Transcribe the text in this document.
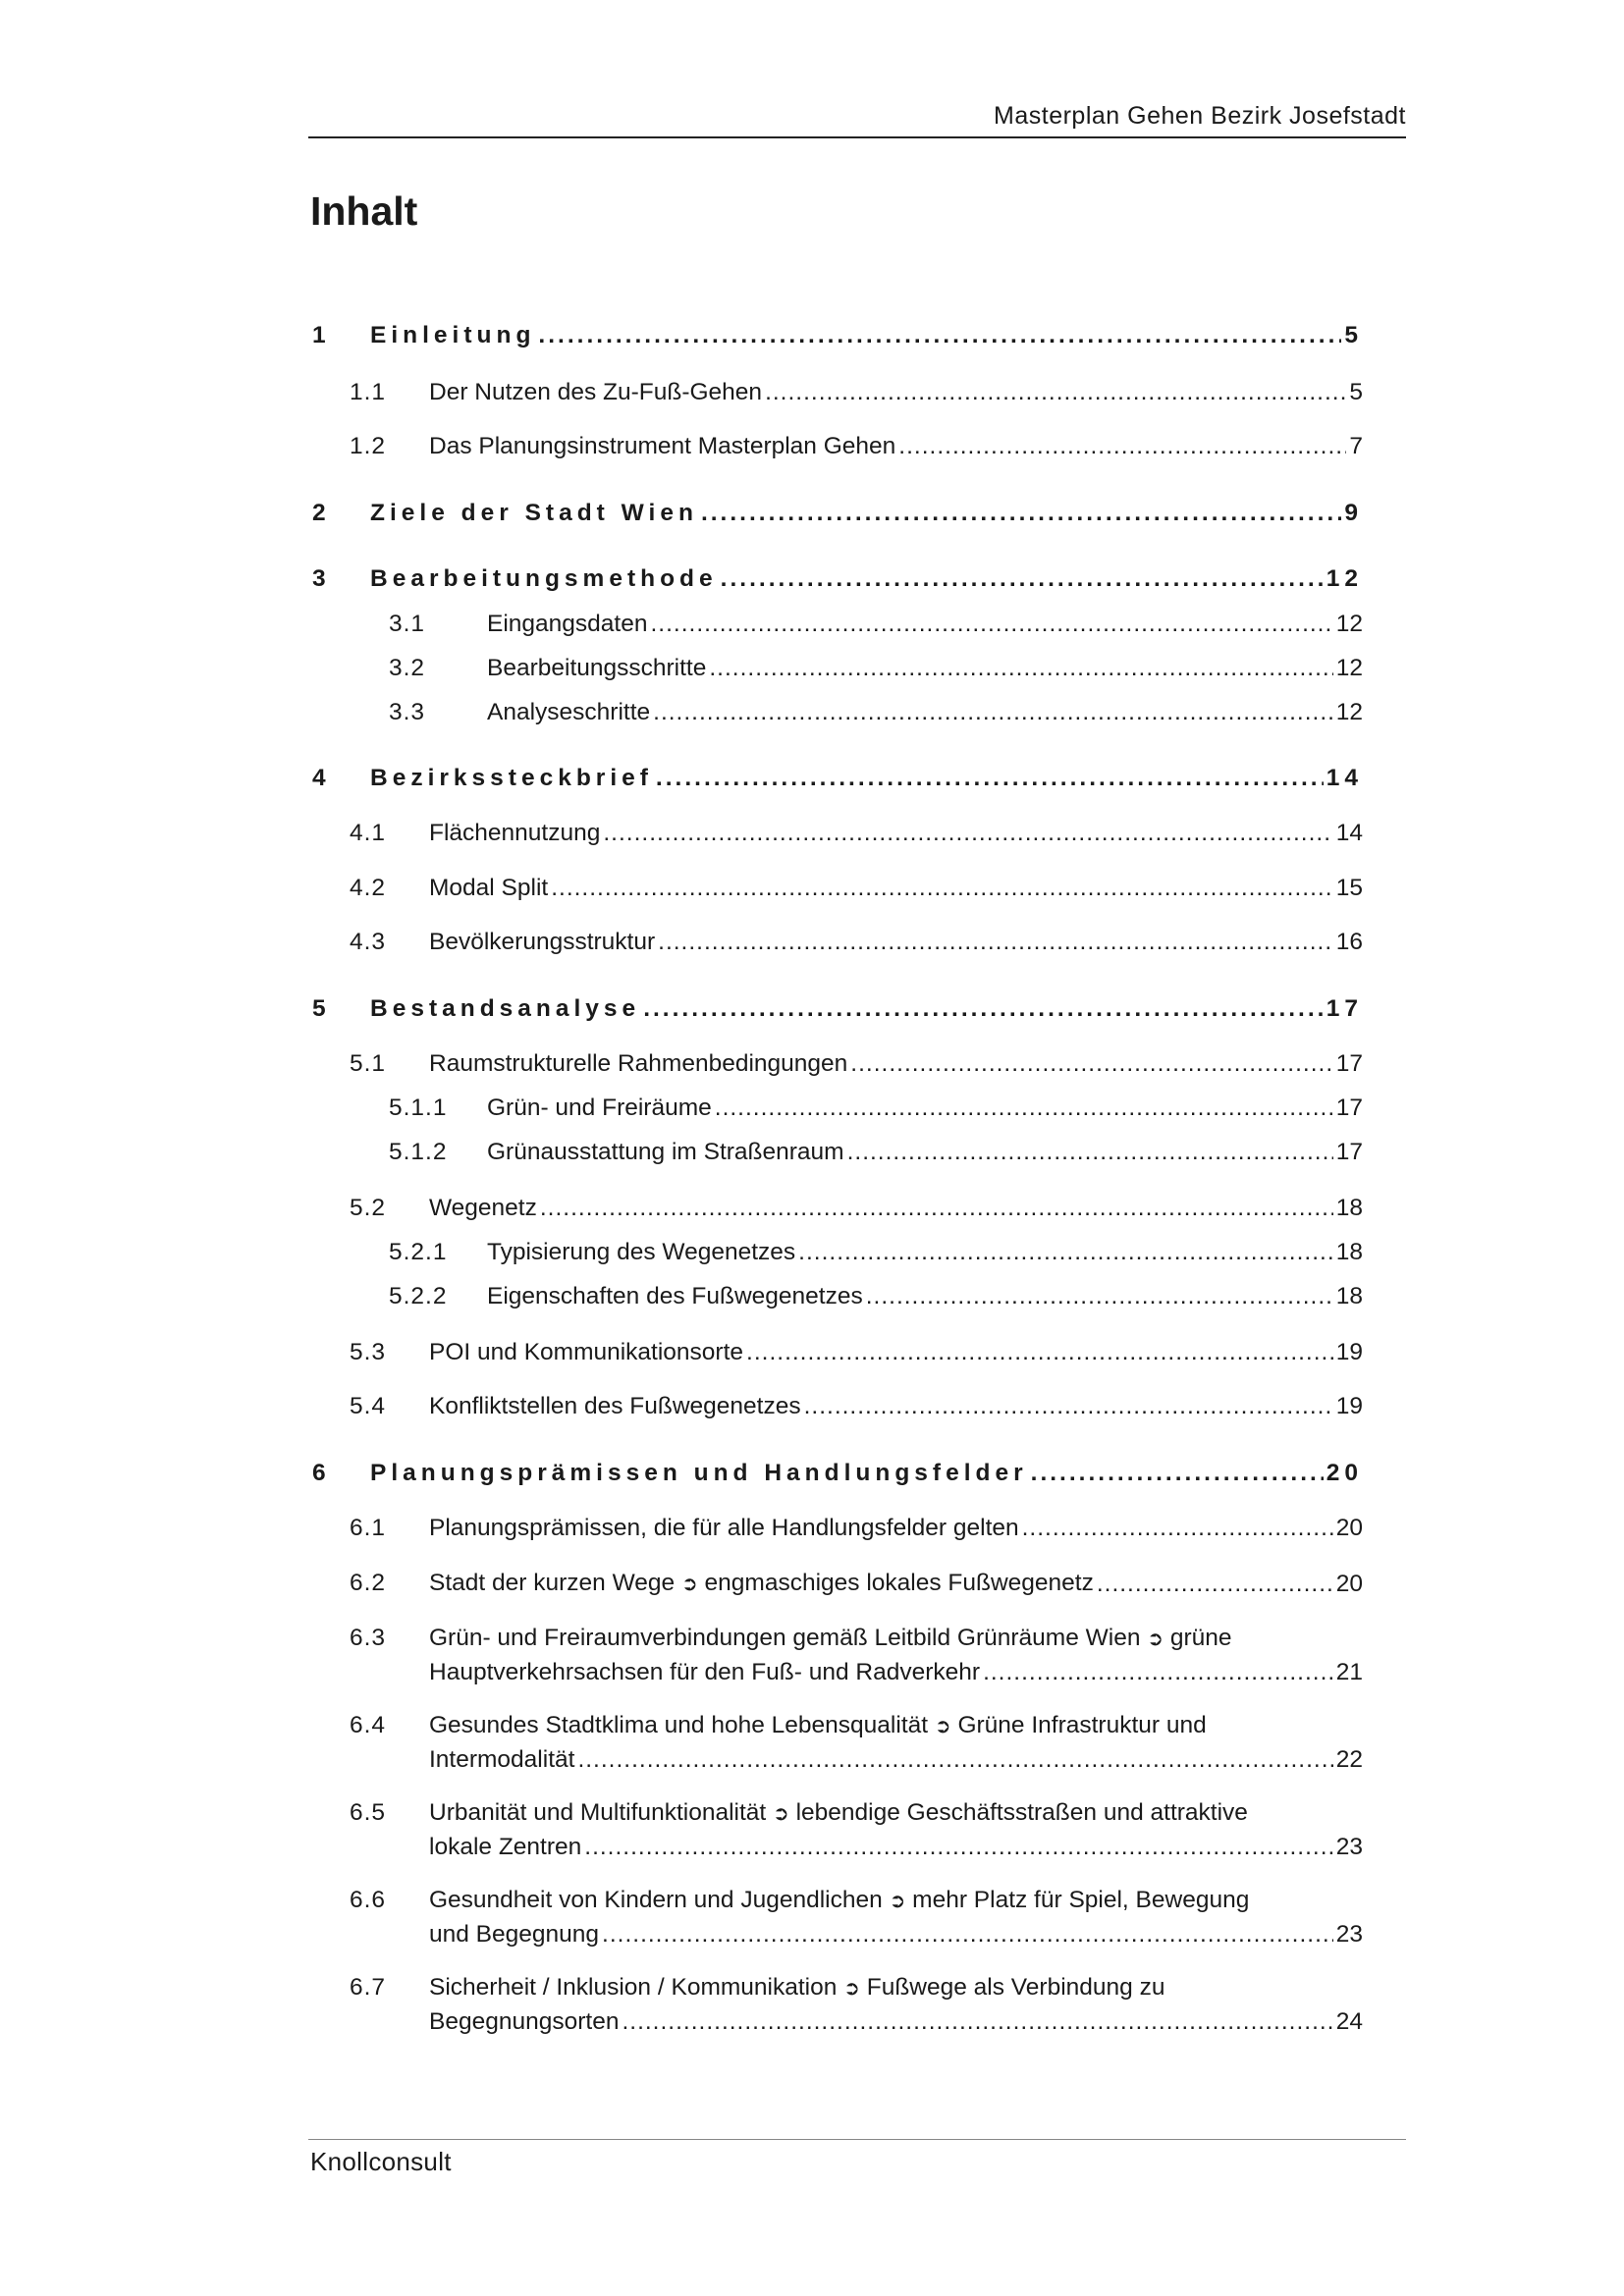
Masterplan Gehen Bezirk Josefstadt
Inhalt
1 Einleitung .....	5
1.1 Der Nutzen des Zu-Fuß-Gehen .....	5
1.2 Das Planungsinstrument Masterplan Gehen .....	7
2 Ziele der Stadt Wien .....	9
3 Bearbeitungsmethode .....	12
3.1	Eingangsdaten .....	12
3.2	Bearbeitungsschritte .....	12
3.3	Analyseschritte .....	12
4 Bezirkssteckbrief .....	14
4.1 Flächennutzung .....	14
4.2 Modal Split .....	15
4.3 Bevölkerungsstruktur .....	16
5 Bestandsanalyse .....	17
5.1 Raumstrukturelle Rahmenbedingungen .....	17
5.1.1 Grün- und Freiräume .....	17
5.1.2 Grünausstattung im Straßenraum .....	17
5.2 Wegenetz .....	18
5.2.1 Typisierung des Wegenetzes .....	18
5.2.2 Eigenschaften des Fußwegenetzes .....	18
5.3 POI und Kommunikationsorte .....	19
5.4 Konfliktstellen des Fußwegenetzes .....	19
6 Planungsprämissen und Handlungsfelder .....	20
6.1 Planungsprämissen, die für alle Handlungsfelder gelten .....	20
6.2 Stadt der kurzen Wege ➲ engmaschiges lokales Fußwegenetz .....	20
6.3 Grün- und Freiraumverbindungen gemäß Leitbild Grünräume Wien ➲ grüne
Hauptverkehrsachsen für den Fuß- und Radverkehr .....	21
6.4 Gesundes Stadtklima und hohe Lebensqualität ➲ Grüne Infrastruktur und
Intermodalität .....	22
6.5 Urbanität und Multifunktionalität ➲ lebendige Geschäftsstraßen und attraktive
lokale Zentren .....	23
6.6 Gesundheit von Kindern und Jugendlichen ➲ mehr Platz für Spiel, Bewegung
und Begegnung .....	23
6.7 Sicherheit / Inklusion / Kommunikation ➲ Fußwege als Verbindung zu
Begegnungsorten .....	24
Knollconsult
